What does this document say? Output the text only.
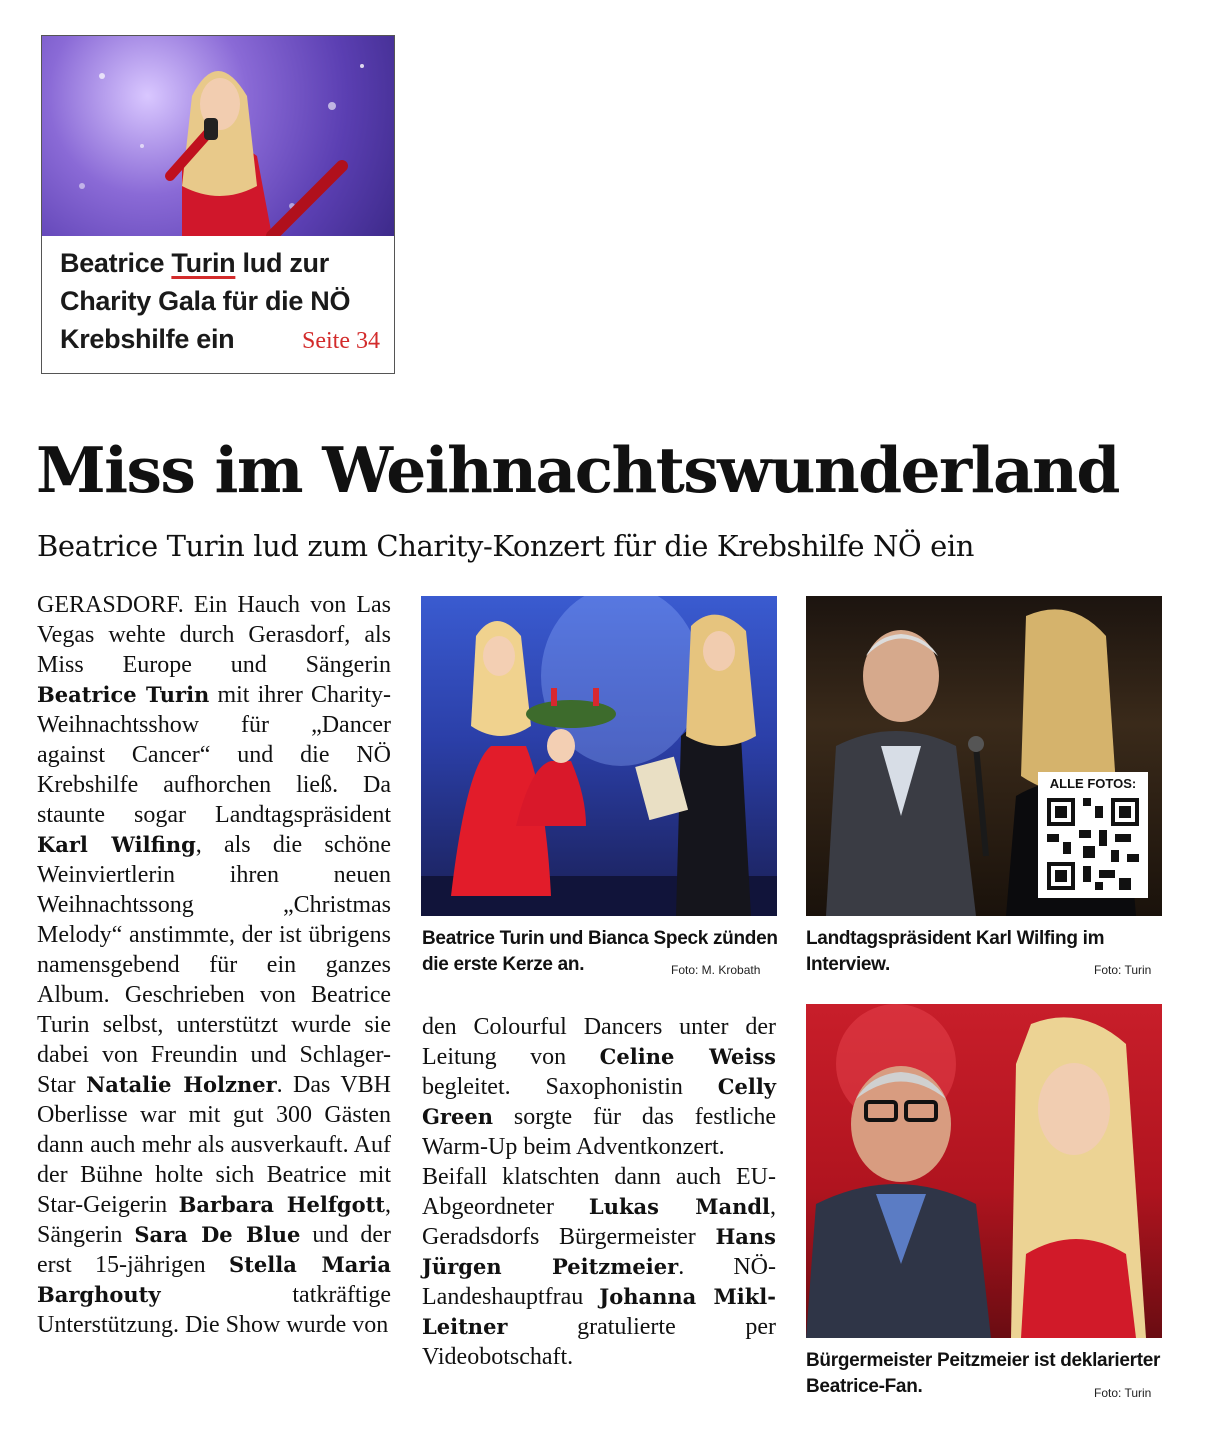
Beatrice Turin lud zur
Charity Gala für die NÖ
Krebshilfe ein	Seite 34
Miss im Weihnachtswunderland
Beatrice Turin lud zum Charity-Konzert für die Krebshilfe NÖ ein
GERASDORF. Ein Hauch von Las Vegas wehte durch Gerasdorf, als Miss Europe und Sängerin Beatrice Turin mit ihrer Charity-Weihnachtsshow für „Dancer against Cancer“ und die NÖ Krebshilfe aufhorchen ließ. Da staunte sogar Landtagspräsident Karl Wilfing, als die schöne Weinviertlerin ihren neuen Weihnachtssong „Christmas Melody“ anstimmte, der ist übrigens namensgebend für ein ganzes Album. Geschrieben von Beatrice Turin selbst, unterstützt wurde sie dabei von Freundin und Schlager-Star Natalie Holzner. Das VBH Oberlisse war mit gut 300 Gästen dann auch mehr als ausverkauft. Auf der Bühne holte sich Beatrice mit Star-Geigerin Barbara Helfgott, Sängerin Sara De Blue und der erst 15-jährigen Stella Maria Barghouty tatkräftige Unterstützung. Die Show wurde von
den Colourful Dancers unter der Leitung von Celine Weiss begleitet. Saxophonistin Celly Green sorgte für das festliche Warm-Up beim Adventkonzert.
Beifall klatschten dann auch EU-Abgeordneter Lukas Mandl, Geradsdorfs Bürgermeister Hans Jürgen Peitzmeier. NÖ-Landeshauptfrau Johanna Mikl-Leitner gratulierte per Videobotschaft.
Beatrice Turin und Bianca Speck zünden die erste Kerze an.	Foto: M. Krobath
ALLE FOTOS:
Landtagspräsident Karl Wilfing im Interview.	Foto: Turin
Bürgermeister Peitzmeier ist deklarierter Beatrice-Fan.	Foto: Turin
